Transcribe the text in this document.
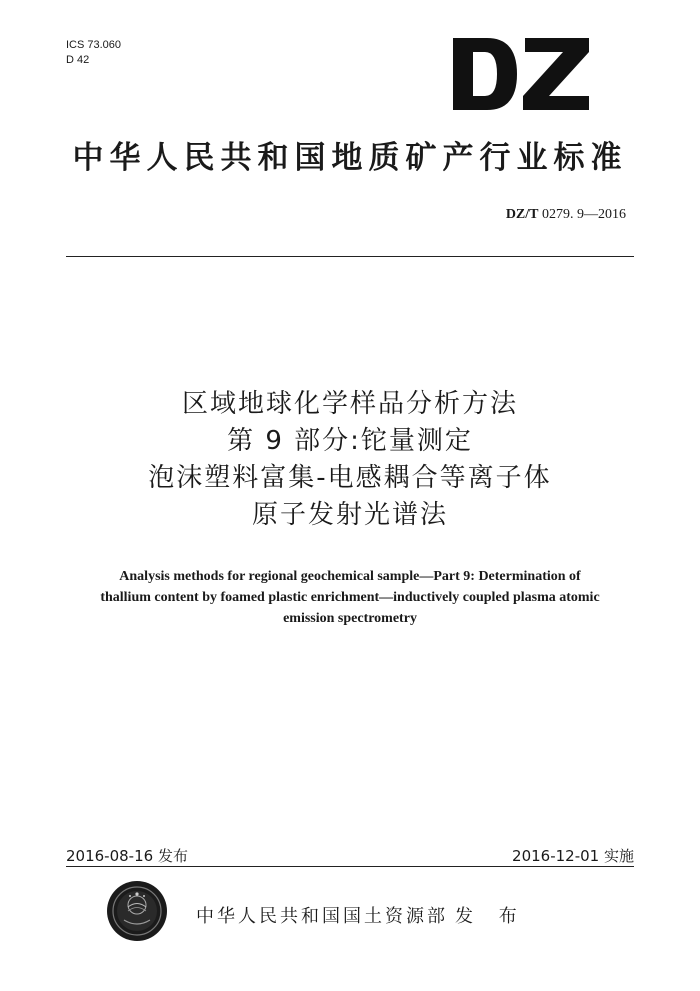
ICS 73.060
D 42
中华人民共和国地质矿产行业标准
DZ/T 0279. 9—2016
区域地球化学样品分析方法
第 9 部分:铊量测定
泡沫塑料富集-电感耦合等离子体
原子发射光谱法
Analysis methods for regional geochemical sample—Part 9: Determination of
thallium content by foamed plastic enrichment—inductively coupled plasma atomic
emission spectrometry
2016-08-16 发布	2016-12-01 实施
中华人民共和国国土资源部 发 布
